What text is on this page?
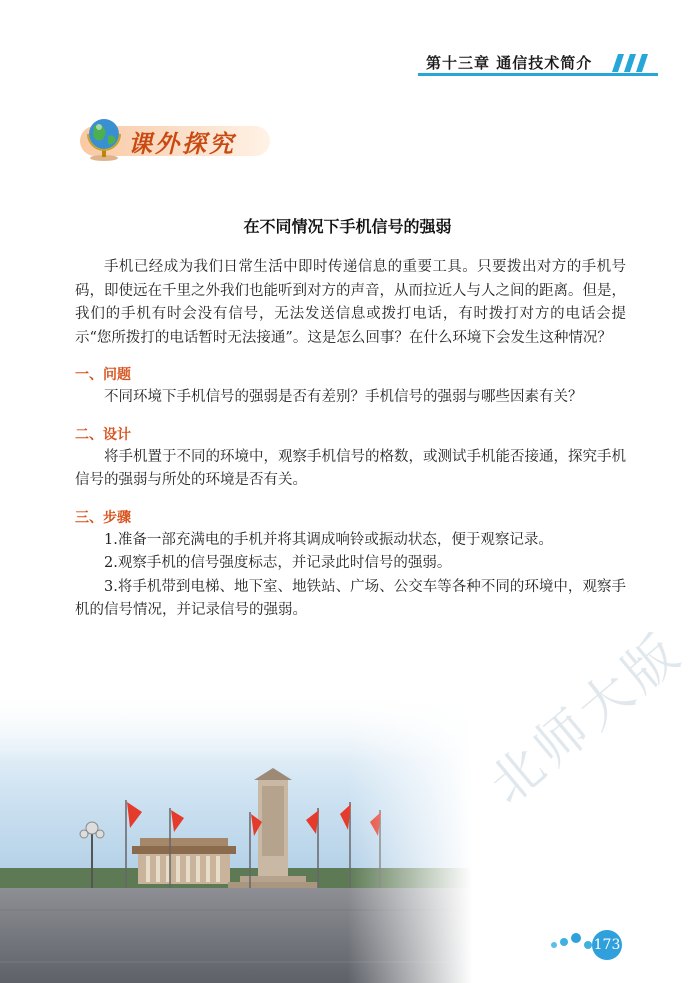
第十三章 通信技术简介
课外探究
在不同情况下手机信号的强弱

手机已经成为我们日常生活中即时传递信息的重要工具。只要拨出对方的手机号码，即使远在千里之外我们也能听到对方的声音，从而拉近人与人之间的距离。但是，我们的手机有时会没有信号，无法发送信息或拨打电话，有时拨打对方的电话会提示“您所拨打的电话暂时无法接通”。这是怎么回事？在什么环境下会发生这种情况？

一、问题

不同环境下手机信号的强弱是否有差别？手机信号的强弱与哪些因素有关？

二、设计

将手机置于不同的环境中，观察手机信号的格数，或测试手机能否接通，探究手机信号的强弱与所处的环境是否有关。

三、步骤

1.准备一部充满电的手机并将其调成响铃或振动状态，便于观察记录。

2.观察手机的信号强度标志，并记录此时信号的强弱。

3.将手机带到电梯、地下室、地铁站、广场、公交车等各种不同的环境中，观察手机的信号情况，并记录信号的强弱。

北师大版
173
